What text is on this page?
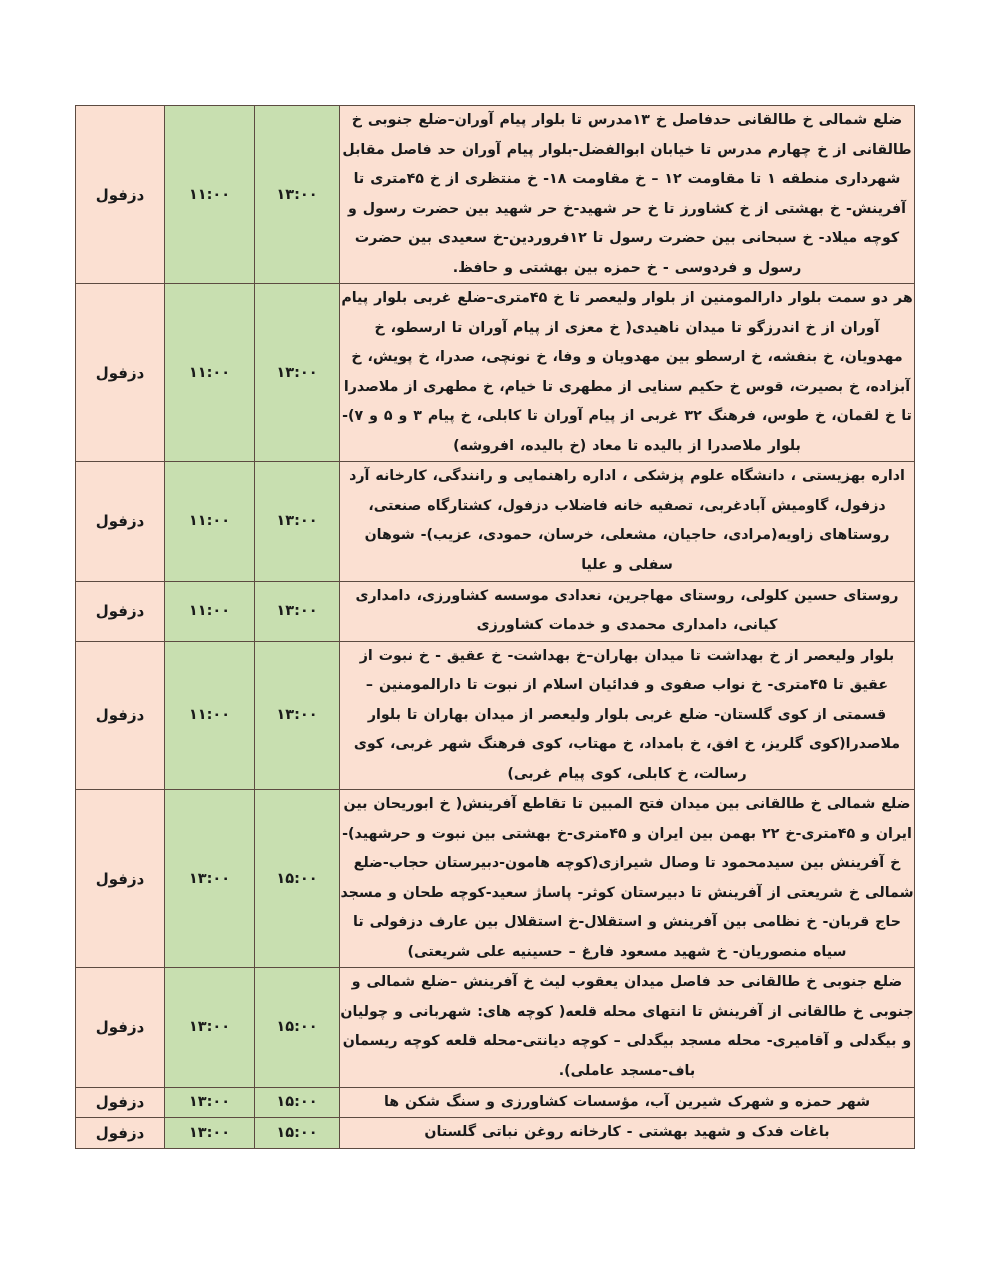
ضلع شمالی خ طالقانی حدفاصل خ ۱۳مدرس تا بلوار پیام آوران–ضلع جنوبی خ طالقانی از خ چهارم مدرس تا خیابان ابوالفضل-بلوار پیام آوران حد فاصل مقابل شهرداری منطقه ۱ تا مقاومت ۱۲ – خ مقاومت ۱۸- خ منتظری از خ ۴۵متری تا آفرینش- خ بهشتی از خ کشاورز تا خ حر شهید-خ حر شهید بین حضرت رسول و کوچه میلاد- خ سبحانی بین حضرت رسول تا ۱۲فروردین-خ سعیدی بین حضرت رسول و فردوسی - خ حمزه بین بهشتی و حافظ.	۱۳:۰۰	۱۱:۰۰	دزفول
هر دو سمت بلوار دارالمومنین از بلوار ولیعصر تا خ ۴۵متری–ضلع غربی بلوار پیام آوران از خ اندرزگو تا میدان ناهیدی( خ معزی از پیام آوران تا ارسطو، خ مهدویان، خ بنفشه، خ ارسطو بین مهدویان و وفا، خ نونچی، صدرا، خ پویش، خ آبزاده، خ بصیرت، قوس خ حکیم سنایی از مطهری تا خیام، خ مطهری از ملاصدرا تا خ لقمان، خ طوس، فرهنگ ۳۲ غربی از پیام آوران تا کابلی، خ پیام ۳ و ۵ و ۷)- بلوار ملاصدرا از بالیده تا معاد (خ بالیده، افروشه)	۱۳:۰۰	۱۱:۰۰	دزفول
اداره بهزیستی ، دانشگاه علوم پزشکی ، اداره راهنمایی و رانندگی، کارخانه آرد دزفول، گاومیش آبادغربی، تصفیه خانه فاضلاب دزفول، کشتارگاه صنعتی، روستاهای زاویه(مرادی، حاجیان، مشعلی، خرسان، حمودی، عزیب)- شوهان سفلی و علیا	۱۳:۰۰	۱۱:۰۰	دزفول
روستای حسین کلولی، روستای مهاجرین، نعدادی موسسه کشاورزی، دامداری کیانی، دامداری محمدی و خدمات کشاورزی	۱۳:۰۰	۱۱:۰۰	دزفول
بلوار ولیعصر از خ بهداشت تا میدان بهاران–خ بهداشت- خ عقیق - خ نبوت از عقیق تا ۴۵متری- خ نواب صفوی و فدائیان اسلام از نبوت تا دارالمومنین –قسمتی از کوی گلستان- ضلع غربی بلوار ولیعصر از میدان بهاران تا بلوار ملاصدرا(کوی گلریز، خ افق، خ بامداد، خ مهتاب، کوی فرهنگ شهر غربی، کوی رسالت، خ کابلی، کوی پیام غربی)	۱۳:۰۰	۱۱:۰۰	دزفول
ضلع شمالی خ طالقانی بین میدان فتح المبین تا تقاطع آفرینش( خ ابوریحان بین ایران و ۴۵متری-خ ۲۲ بهمن بین ایران و ۴۵متری-خ بهشتی بین نبوت و حرشهید)-خ آفرینش بین سیدمحمود تا وصال شیرازی(کوچه هامون-دبیرستان حجاب-ضلع شمالی خ شریعتی از آفرینش تا دبیرستان کوثر- پاساژ سعید-کوچه طحان و مسجد حاج قربان- خ نظامی بین آفرینش و استقلال-خ استقلال بین عارف دزفولی تا سیاه منصوریان- خ شهید مسعود فارغ – حسینیه علی شریعتی)	۱۵:۰۰	۱۳:۰۰	دزفول
ضلع جنوبی خ طالقانی حد فاصل میدان یعقوب لیث خ آفرینش –ضلع شمالی و جنوبی خ طالقانی از آفرینش تا انتهای محله قلعه( کوچه های: شهربانی و چولیان و بیگدلی و آقامیری- محله مسجد بیگدلی – کوچه دیانتی-محله قلعه کوچه ریسمان باف-مسجد عاملی).	۱۵:۰۰	۱۳:۰۰	دزفول
شهر حمزه و شهرک شیرین آب، مؤسسات کشاورزی و سنگ شکن ها	۱۵:۰۰	۱۳:۰۰	دزفول
باغات فدک و شهید بهشتی - کارخانه روغن نباتی گلستان	۱۵:۰۰	۱۳:۰۰	دزفول
